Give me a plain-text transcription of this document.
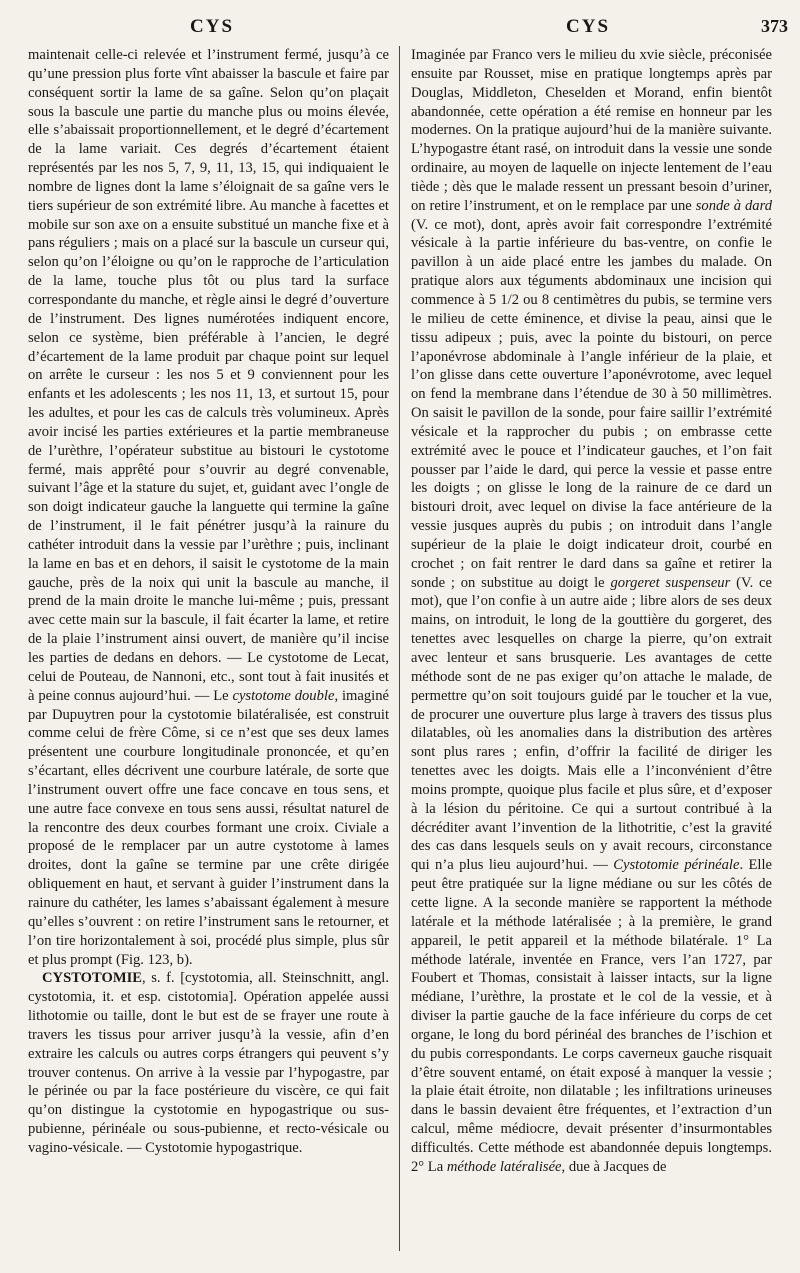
CYS	CYS	373

maintenait celle-ci relevée et l’instrument fermé, jusqu’à ce qu’une pression plus forte vînt abaisser la bascule et faire par conséquent sortir la lame de sa gaîne. Selon qu’on plaçait sous la bascule une partie du manche plus ou moins élevée, elle s’abaissait proportionnellement, et le degré d’écartement de la lame variait. Ces degrés d’écartement étaient représentés par les nos 5, 7, 9, 11, 13, 15, qui indiquaient le nombre de lignes dont la lame s’éloignait de sa gaîne vers le tiers supérieur de son extrémité libre. Au manche à facettes et mobile sur son axe on a ensuite substitué un manche fixe et à pans réguliers ; mais on a placé sur la bascule un curseur qui, selon qu’on l’éloigne ou qu’on le rapproche de l’articulation de la lame, touche plus tôt ou plus tard la surface correspondante du manche, et règle ainsi le degré d’ouverture de l’instrument. Des lignes numérotées indiquent encore, selon ce système, bien préférable à l’ancien, le degré d’écartement de la lame produit par chaque point sur lequel on arrête le curseur : les nos 5 et 9 conviennent pour les enfants et les adolescents ; les nos 11, 13, et surtout 15, pour les adultes, et pour les cas de calculs très volumineux. Après avoir incisé les parties extérieures et la partie membraneuse de l’urèthre, l’opérateur substitue au bistouri le cystotome fermé, mais apprêté pour s’ouvrir au degré convenable, suivant l’âge et la stature du sujet, et, guidant avec l’ongle de son doigt indicateur gauche la languette qui termine la gaîne de l’instrument, il le fait pénétrer jusqu’à la rainure du cathéter introduit dans la vessie par l’urèthre ; puis, inclinant la lame en bas et en dehors, il saisit le cystotome de la main gauche, près de la noix qui unit la bascule au manche, il prend de la main droite le manche lui-même ; puis, pressant avec cette main sur la bascule, il fait écarter la lame, et retire de la plaie l’instrument ainsi ouvert, de manière qu’il incise les parties de dedans en dehors. — Le cystotome de Lecat, celui de Pouteau, de Nannoni, etc., sont tout à fait inusités et à peine connus aujourd’hui. — Le cystotome double, imaginé par Dupuytren pour la cystotomie bilatéralisée, est construit comme celui de frère Côme, si ce n’est que ses deux lames présentent une courbure longitudinale prononcée, et qu’en s’écartant, elles décrivent une courbure latérale, de sorte que l’instrument ouvert offre une face concave en tous sens, et une autre face convexe en tous sens aussi, résultat naturel de la rencontre des deux courbes formant une croix. Civiale a proposé de le remplacer par un autre cystotome à lames droites, dont la gaîne se termine par une crête dirigée obliquement en haut, et servant à guider l’instrument dans la rainure du cathéter, les lames s’abaissant également à mesure qu’elles s’ouvrent : on retire l’instrument sans le retourner, et l’on tire horizontalement à soi, procédé plus simple, plus sûr et plus prompt (Fig. 123, b).

CYSTOTOMIE, s. f. [cystotomia, all. Steinschnitt, angl. cystotomia, it. et esp. cistotomia]. Opération appelée aussi lithotomie ou taille, dont le but est de se frayer une route à travers les tissus pour arriver jusqu’à la vessie, afin d’en extraire les calculs ou autres corps étrangers qui peuvent s’y trouver contenus. On arrive à la vessie par l’hypogastre, par le périnée ou par la face postérieure du viscère, ce qui fait qu’on distingue la cystotomie en hypogastrique ou sus-pubienne, périnéale ou sous-pubienne, et recto-vésicale ou vagino-vésicale. — Cystotomie hypogastrique.

Imaginée par Franco vers le milieu du xvie siècle, préconisée ensuite par Rousset, mise en pratique longtemps après par Douglas, Middleton, Cheselden et Morand, enfin bientôt abandonnée, cette opération a été remise en honneur par les modernes. On la pratique aujourd’hui de la manière suivante. L’hypogastre étant rasé, on introduit dans la vessie une sonde ordinaire, au moyen de laquelle on injecte lentement de l’eau tiède ; dès que le malade ressent un pressant besoin d’uriner, on retire l’instrument, et on le remplace par une sonde à dard (V. ce mot), dont, après avoir fait correspondre l’extrémité vésicale à la partie inférieure du bas-ventre, on confie le pavillon à un aide placé entre les jambes du malade. On pratique alors aux téguments abdominaux une incision qui commence à 5 1/2 ou 8 centimètres du pubis, se termine vers le milieu de cette éminence, et divise la peau, ainsi que le tissu adipeux ; puis, avec la pointe du bistouri, on perce l’aponévrose abdominale à l’angle inférieur de la plaie, et l’on glisse dans cette ouverture l’aponévrotome, avec lequel on fend la membrane dans l’étendue de 30 à 50 millimètres. On saisit le pavillon de la sonde, pour faire saillir l’extrémité vésicale et la rapprocher du pubis ; on embrasse cette extrémité avec le pouce et l’indicateur gauches, et l’on fait pousser par l’aide le dard, qui perce la vessie et passe entre les doigts ; on glisse le long de la rainure de ce dard un bistouri droit, avec lequel on divise la face antérieure de la vessie jusques auprès du pubis ; on introduit dans l’angle supérieur de la plaie le doigt indicateur droit, courbé en crochet ; on fait rentrer le dard dans sa gaîne et retirer la sonde ; on substitue au doigt le gorgeret suspenseur (V. ce mot), que l’on confie à un autre aide ; libre alors de ses deux mains, on introduit, le long de la gouttière du gorgeret, des tenettes avec lesquelles on charge la pierre, qu’on extrait avec lenteur et sans brusquerie. Les avantages de cette méthode sont de ne pas exiger qu’on attache le malade, de permettre qu’on soit toujours guidé par le toucher et la vue, de procurer une ouverture plus large à travers des tissus plus dilatables, où les anomalies dans la distribution des artères sont plus rares ; enfin, d’offrir la facilité de diriger les tenettes avec les doigts. Mais elle a l’inconvénient d’être moins prompte, quoique plus facile et plus sûre, et d’exposer à la lésion du péritoine. Ce qui a surtout contribué à la décréditer avant l’invention de la lithotritie, c’est la gravité des cas dans lesquels seuls on y avait recours, circonstance qui n’a plus lieu aujourd’hui. — Cystotomie périnéale. Elle peut être pratiquée sur la ligne médiane ou sur les côtés de cette ligne. A la seconde manière se rapportent la méthode latérale et la méthode latéralisée ; à la première, le grand appareil, le petit appareil et la méthode bilatérale. 1° La méthode latérale, inventée en France, vers l’an 1727, par Foubert et Thomas, consistait à laisser intacts, sur la ligne médiane, l’urèthre, la prostate et le col de la vessie, et à diviser la partie gauche de la face inférieure du corps de cet organe, le long du bord périnéal des branches de l’ischion et du pubis correspondants. Le corps caverneux gauche risquait d’être souvent entamé, on était exposé à manquer la vessie ; la plaie était étroite, non dilatable ; les infiltrations urineuses dans le bassin devaient être fréquentes, et l’extraction d’un calcul, même médiocre, devait présenter d’insurmontables difficultés. Cette méthode est abandonnée depuis longtemps. 2° La méthode latéralisée, due à Jacques de
